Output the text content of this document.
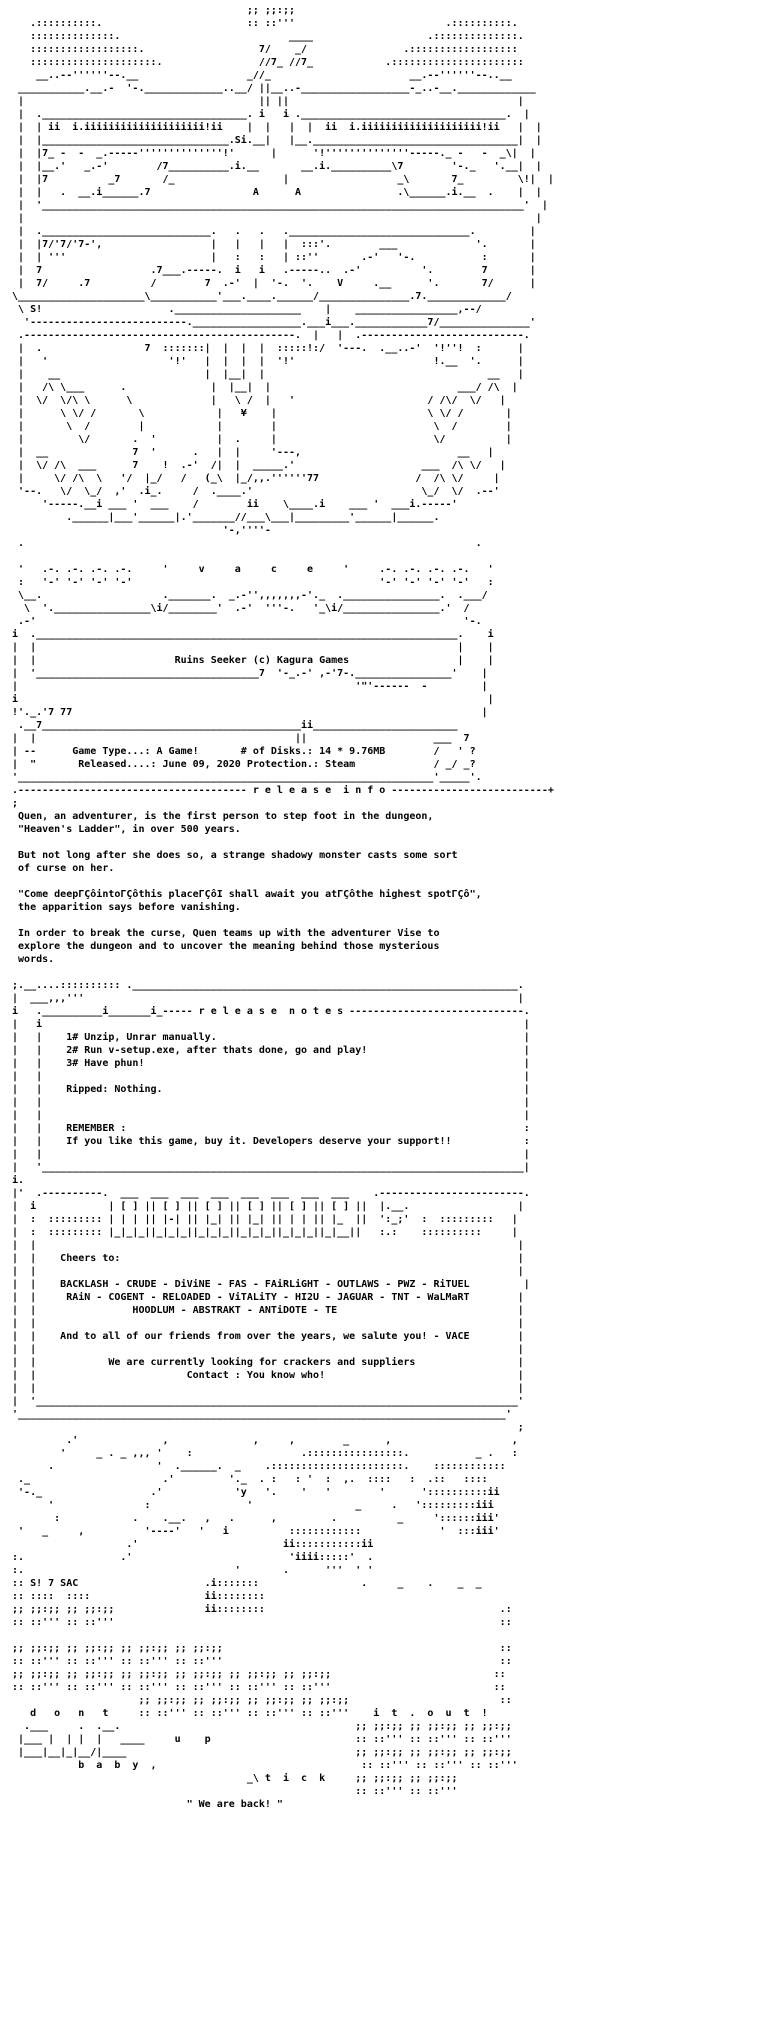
;; ;;:;;
.::::::::::.                        :: ::'''                         .::::::::::.
::::::::::::::.                            ____                   .::::::::::::::.
::::::::::::::::::.                   7/    _/                .::::::::::::::::::
:::::::::::::::::::::.                //7_ //7_            .::::::::::::::::::::::
__..--''''''--.__                  _//_                       __.--''''''--..__
___________.__.-  '-._____________..__/ ||__..-__________________-_..-__._____________
|                                       || ||                                      |
|  .__________________________________. i   i .__________________________________.  |
|  | ii  i.iiiiiiiiiiiiiiiiiiii!ii    |  |   |  |  ii  i.iiiiiiiiiiiiiiiiiiii!ii   |  |
|  |_______________________________.Si.__|   |__.__________________________________|  |
|  |7_ -  -  _.-----''''''''''''''!'      |      '!''''''''''''''-----._ -   -  _\|  |
|  |__.'   _.-'        /7__________.i.__       __.i.__________\7        '-._   '.__|  |
|  |7          _7       /_                  |                  _\       7_         \!|  |
|  |   .  __.i______.7                 A      A                .\______.i.__  .    |  |
|  '________________________________________________________________________________'  |
|                                                                                     |
|  .____________________________.   .   .   .______________________________.         |
|  |7/'7/'7-',                  |   |   |   |  :::'.        ___             '.       |
|  | '''                        |   :   :   | ::''       .-'   '-.           :       |
|  7                  .7___.-----.  i   i   .-----..  .-'          '.        7       |
|  7/     .7          /        7  .-'  |  '-.  '.    V     .__      '.       7/      |
\_____________________\___________'___.____.______/_______________.7._____________/
\ S!                     ._____________________    |    _________________,--/
'--------------------------.__________________.___i___.____________7/_______________'
.---------------------------------------------.  |   |  .---------------------------.
|  .                 7  :::::::|  |  |  |  :::::!:/  '---.  .__..-'  '!''!  :      |
|   '                    '!'   |  |  |  |  '!'                       !.__  '.      |
|    __                        |  |__|  |                                     __   |
|   /\ \___      .              |  |__|  |                               ___/ /\  |
|  \/  \/\ \      \             |   \ /  |   '                      / /\/  \/   |
|      \ \/ /       \            |   ¥    |                         \ \/ /       |
|       \  /        |            |        |                          \  /        |
|         \/       .  '          |  .     |                          \/          |
|  __              7  '      .   |  |     '---,                          __   |
|  \/ /\  ___      7    !  .-'  /|  |  _____.'                     ___  /\ \/   |
|     \/ /\  \   '/  |_/   /   (_\  |_/,,.''''''77                /  /\ \/     |
'--.   \/  \_/  ,'  .i_.     /  .____.'                            \_/  \/  .--'
'-----.__i ___ '  ___    /        ii    \____.i    ___ '  ___i.-----'
.______|___'______|.'_______//___\___|_________'______|______.
'-,''''-
.                                                                           .

'   .-. .-. .-. .-.     '     v     a     c     e     '     .-. .-. .-. .-.   '
:   '-' '-' '-' '-'                                         '-' '-' '-' '-'   :
\__.                    ._______.  _.-'',,,,,,,-'._  .________________.  .___/
\  '.________________\i/________'  .-'  '''-.   '_\i/________________.'  /
.-'                                                                       '-.
i  .______________________________________________________________________.    i
|  |                                                                      |    |
|  |                       Ruins Seeker (c) Kagura Games                  |    |
|  '_____________________________________7  '-_.-' ,-'7-.________________'    |
|                                                        '"'------  -         |
i                                                                              |
!'._.'7 77                                                                    |
.__7___________________________________________ii________________________
|  |                                           ||                     ___  7
| --      Game Type...: A Game!       # of Disks.: 14 * 9.76MB        /   ' ?
|  "       Released....: June 09, 2020 Protection.: Steam             / _/ _?
'_____________________________________________________________________'_____'.
.-------------------------------------- r e l e a s e  i n f o --------------------------+
;
Quen, an adventurer, is the first person to step foot in the dungeon,
"Heaven's Ladder", in over 500 years.

But not long after she does so, a strange shadowy monster casts some sort
of curse on her.

"Come deepΓÇôintoΓÇôthis placeΓÇôI shall await you atΓÇôthe highest spotΓÇô",
the apparition says before vanishing.

In order to break the curse, Quen teams up with the adventurer Vise to
explore the dungeon and to uncover the meaning behind those mysterious
words.

;.__....:::::::::: .________________________________________________________________.
|  ___,,,'''                                                                        |
i   .__________i_______i_----- r e l e a s e  n o t e s -----------------------------.
|   i                                                                                |
|   |    1# Unzip, Unrar manually.                                                   |
|   |    2# Run v-setup.exe, after thats done, go and play!                          |
|   |    3# Have phun!                                                               |
|   |                                                                                |
|   |    Ripped: Nothing.                                                            |
|   |                                                                                |
|   |                                                                                |
|   |    REMEMBER :                                                                  :
|   |    If you like this game, buy it. Developers deserve your support!!            :
|   |                                                                                |
|   '________________________________________________________________________________|
i.
|'  .----------.  ___  ___  ___  ___  ___  ___  ___  ___    .------------------------.
|  i            | [ ] || [ ] || [ ] || [ ] || [ ] || [ ] ||  |.__.                  |
|  :  ::::::::: | | | || |-| || |_| || |_| || | | || |_  ||  ':_;'  :  :::::::::   |
|  :  ::::::::: |_|_|_||_|_|_||_|_|_||_|_|_||_|_|_||_|__||   :.:    ::::::::::     |
|  |                                                                                |
|  |    Cheers to:                                                                  |
|  |                                                                                |
|  |    BACKLASH - CRUDE - DiViNE - FAS - FAiRLiGHT - OUTLAWS - PWZ - RiTUEL         |
|  |     RAiN - COGENT - RELOADED - ViTALiTY - HI2U - JAGUAR - TNT - WaLMaRT        |
|  |                HOODLUM - ABSTRAKT - ANTiDOTE - TE                              |
|  |                                                                                |
|  |    And to all of our friends from over the years, we salute you! - VACE        |
|  |                                                                                |
|  |            We are currently looking for crackers and suppliers                 |
|  |                         Contact : You know who!                                |
|  |                                                                                |
|  '________________________________________________________________________________'
'_________________________________________________________________________________'
;
.'              ,              ,     ,        _      ,                    ,
'     _ . _ ,,, '    :                  .::::::::::::::::.           _ .   :
.                 '  .______.  _    .::::::::::::::::::::::.    ::::::::::::
._                      .'         '._  . :   : '  :  ,.  ::::   :  .::   ::::
'-._                  .'            'y   '.    '   '        '      '::::::::::ii
'               :                '                 _     .   ':::::::::iii
:            .    .__.   ,   .      ,         .          _     '::::::iii'
'   _     ,          '----'   '   i          ::::::::::::             '  :::iii'
.'                        ii:::::::::::ii
:.                .'                          'iiii:::::'  .
:.                                   '       .      '''  ' '
:: S! 7 SAC                     .i:::::::                 .     _    .    _  _
:: ::::  ::::                   ii::::::::
;; ;;:;; ;; ;;:;;               ii::::::::                                       .:
:: ::''' :: ::'''                                                                ::

;; ;;:;; ;; ;;:;; ;; ;;:;; ;; ;;:;;                                              ::
:: ::''' :: ::''' :: ::''' :: ::'''                                              ::
;; ;;:;; ;; ;;:;; ;; ;;:;; ;; ;;:;; ;; ;;:;; ;; ;;:;;                           ::
:: ::''' :: ::''' :: ::''' :: ::''' :: ::''' :: ::'''                           ::
;; ;;:;; ;; ;;:;; ;; ;;:;; ;; ;;:;;                         ::
d   o   n   t     :: ::''' :: ::''' :: ::''' :: ::'''    i  t  .  o  u  t  !
.___     .  .__.                                       ;; ;;:;; ;; ;;:;; ;; ;;:;;
|___ |  | |  |   ____     u    p                        :: ::''' :: ::''' :: ::'''
|___|__|_|__/|____                                      ;; ;;:;; ;; ;;:;; ;; ;;:;;
b  a  b  y  ,                                  :: ::''' :: ::''' :: ::'''
_\ t  i  c  k     ;; ;;:;; ;; ;;:;;
:: ::''' :: ::'''
" We are back! "
